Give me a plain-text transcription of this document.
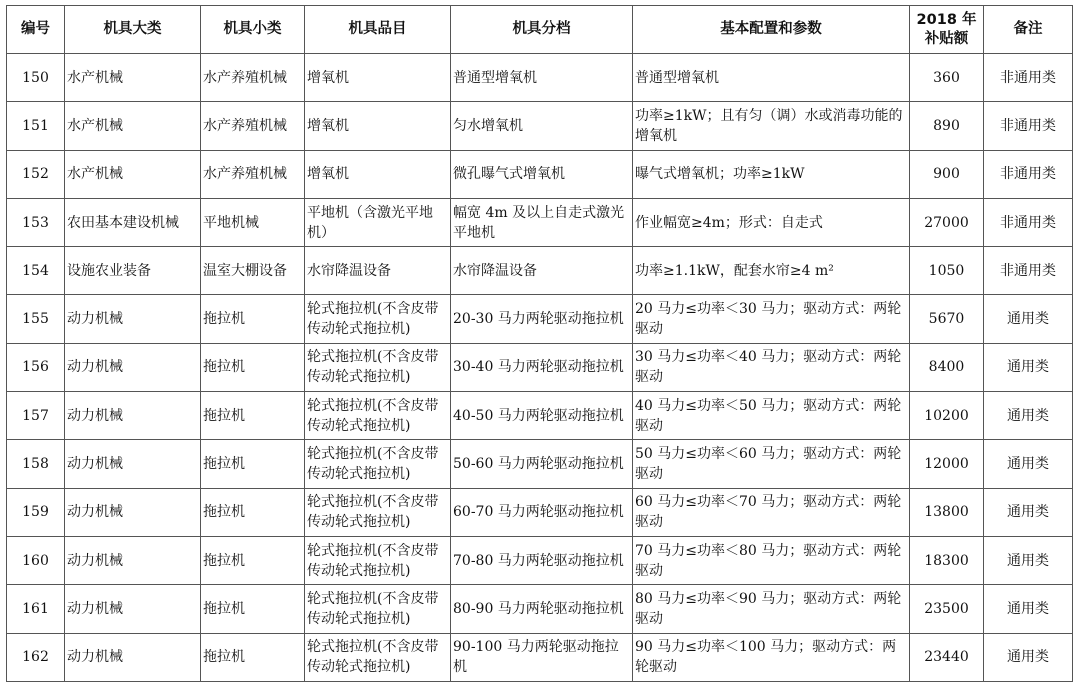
编号	机具大类	机具小类	机具品目	机具分档	基本配置和参数	2018 年补贴额	备注
150	水产机械	水产养殖机械	增氧机	普通型增氧机	普通型增氧机	360	非通用类
151	水产机械	水产养殖机械	增氧机	匀水增氧机	功率≥1kW；且有匀（调）水或消毒功能的增氧机	890	非通用类
152	水产机械	水产养殖机械	增氧机	微孔曝气式增氧机	曝气式增氧机；功率≥1kW	900	非通用类
153	农田基本建设机械	平地机械	平地机（含激光平地机）	幅宽 4m 及以上自走式激光平地机	作业幅宽≥4m；形式：自走式	27000	非通用类
154	设施农业装备	温室大棚设备	水帘降温设备	水帘降温设备	功率≥1.1kW，配套水帘≥4 m²	1050	非通用类
155	动力机械	拖拉机	轮式拖拉机(不含皮带传动轮式拖拉机)	20-30 马力两轮驱动拖拉机	20 马力≤功率＜30 马力；驱动方式：两轮驱动	5670	通用类
156	动力机械	拖拉机	轮式拖拉机(不含皮带传动轮式拖拉机)	30-40 马力两轮驱动拖拉机	30 马力≤功率＜40 马力；驱动方式：两轮驱动	8400	通用类
157	动力机械	拖拉机	轮式拖拉机(不含皮带传动轮式拖拉机)	40-50 马力两轮驱动拖拉机	40 马力≤功率＜50 马力；驱动方式：两轮驱动	10200	通用类
158	动力机械	拖拉机	轮式拖拉机(不含皮带传动轮式拖拉机)	50-60 马力两轮驱动拖拉机	50 马力≤功率＜60 马力；驱动方式：两轮驱动	12000	通用类
159	动力机械	拖拉机	轮式拖拉机(不含皮带传动轮式拖拉机)	60-70 马力两轮驱动拖拉机	60 马力≤功率＜70 马力；驱动方式：两轮驱动	13800	通用类
160	动力机械	拖拉机	轮式拖拉机(不含皮带传动轮式拖拉机)	70-80 马力两轮驱动拖拉机	70 马力≤功率＜80 马力；驱动方式：两轮驱动	18300	通用类
161	动力机械	拖拉机	轮式拖拉机(不含皮带传动轮式拖拉机)	80-90 马力两轮驱动拖拉机	80 马力≤功率＜90 马力；驱动方式：两轮驱动	23500	通用类
162	动力机械	拖拉机	轮式拖拉机(不含皮带传动轮式拖拉机)	90-100 马力两轮驱动拖拉机	90 马力≤功率＜100 马力；驱动方式：两轮驱动	23440	通用类
